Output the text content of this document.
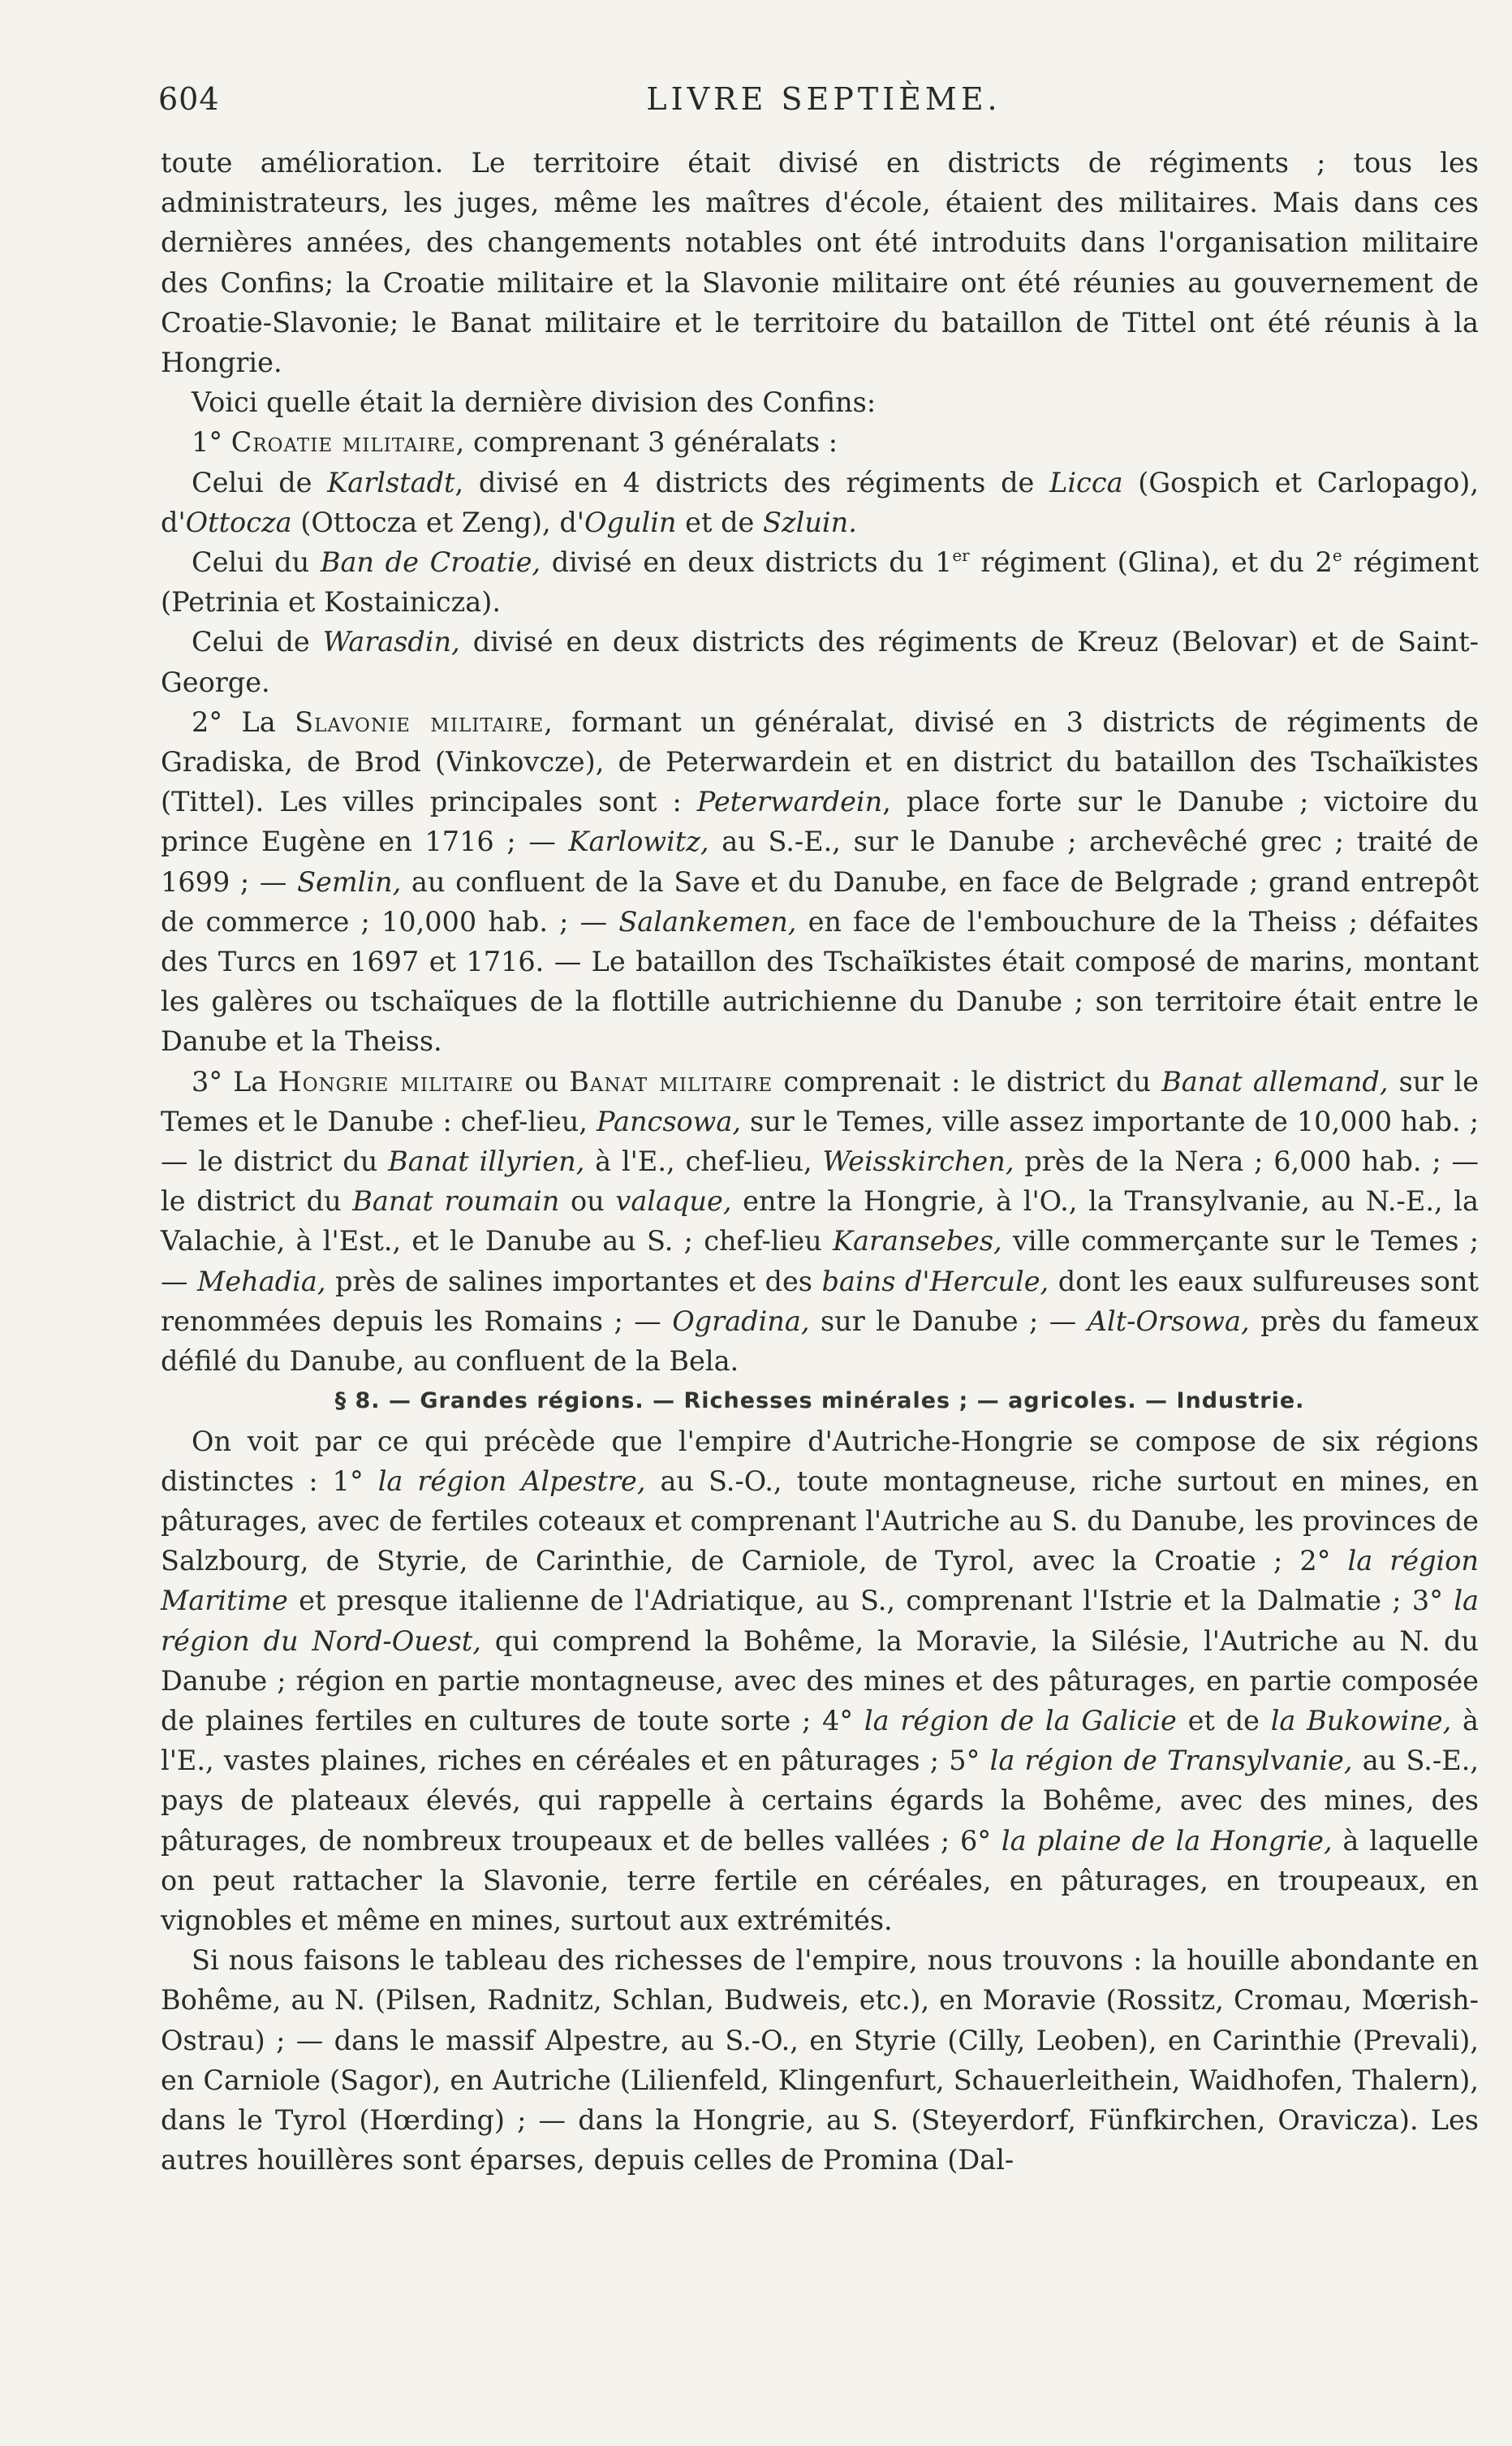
604	LIVRE SEPTIÈME.

toute amélioration. Le territoire était divisé en districts de régiments ; tous les administrateurs, les juges, même les maîtres d'école, étaient des militaires. Mais dans ces dernières années, des changements notables ont été introduits dans l'organisation militaire des Confins; la Croatie militaire et la Slavonie militaire ont été réunies au gouvernement de Croatie-Slavonie; le Banat militaire et le territoire du bataillon de Tittel ont été réunis à la Hongrie.

Voici quelle était la dernière division des Confins:

1° Croatie militaire, comprenant 3 généralats :

Celui de Karlstadt, divisé en 4 districts des régiments de Licca (Gospich et Carlopago), d'Ottocza (Ottocza et Zeng), d'Ogulin et de Szluin.

Celui du Ban de Croatie, divisé en deux districts du 1er régiment (Glina), et du 2e régiment (Petrinia et Kostainicza).

Celui de Warasdin, divisé en deux districts des régiments de Kreuz (Belovar) et de Saint-George.

2° La Slavonie militaire, formant un généralat, divisé en 3 districts de régiments de Gradiska, de Brod (Vinkovcze), de Peterwardein et en district du bataillon des Tschaïkistes (Tittel). Les villes principales sont : Peterwardein, place forte sur le Danube ; victoire du prince Eugène en 1716 ; — Karlowitz, au S.-E., sur le Danube ; archevêché grec ; traité de 1699 ; — Semlin, au confluent de la Save et du Danube, en face de Belgrade ; grand entrepôt de commerce ; 10,000 hab. ; — Salankemen, en face de l'embouchure de la Theiss ; défaites des Turcs en 1697 et 1716. — Le bataillon des Tschaïkistes était composé de marins, montant les galères ou tschaïques de la flottille autrichienne du Danube ; son territoire était entre le Danube et la Theiss.

3° La Hongrie militaire ou Banat militaire comprenait : le district du Banat allemand, sur le Temes et le Danube : chef-lieu, Pancsowa, sur le Temes, ville assez importante de 10,000 hab. ; — le district du Banat illyrien, à l'E., chef-lieu, Weisskirchen, près de la Nera ; 6,000 hab. ; — le district du Banat roumain ou valaque, entre la Hongrie, à l'O., la Transylvanie, au N.-E., la Valachie, à l'Est., et le Danube au S. ; chef-lieu Karansebes, ville commerçante sur le Temes ; — Mehadia, près de salines importantes et des bains d'Hercule, dont les eaux sulfureuses sont renommées depuis les Romains ; — Ogradina, sur le Danube ; — Alt-Orsowa, près du fameux défilé du Danube, au confluent de la Bela.

§ 8. — Grandes régions. — Richesses minérales ; — agricoles. — Industrie.

On voit par ce qui précède que l'empire d'Autriche-Hongrie se compose de six régions distinctes : 1° la région Alpestre, au S.-O., toute montagneuse, riche surtout en mines, en pâturages, avec de fertiles coteaux et comprenant l'Autriche au S. du Danube, les provinces de Salzbourg, de Styrie, de Carinthie, de Carniole, de Tyrol, avec la Croatie ; 2° la région Maritime et presque italienne de l'Adriatique, au S., comprenant l'Istrie et la Dalmatie ; 3° la région du Nord-Ouest, qui comprend la Bohême, la Moravie, la Silésie, l'Autriche au N. du Danube ; région en partie montagneuse, avec des mines et des pâturages, en partie composée de plaines fertiles en cultures de toute sorte ; 4° la région de la Galicie et de la Bukowine, à l'E., vastes plaines, riches en céréales et en pâturages ; 5° la région de Transylvanie, au S.-E., pays de plateaux élevés, qui rappelle à certains égards la Bohême, avec des mines, des pâturages, de nombreux troupeaux et de belles vallées ; 6° la plaine de la Hongrie, à laquelle on peut rattacher la Slavonie, terre fertile en céréales, en pâturages, en troupeaux, en vignobles et même en mines, surtout aux extrémités.

Si nous faisons le tableau des richesses de l'empire, nous trouvons : la houille abondante en Bohême, au N. (Pilsen, Radnitz, Schlan, Budweis, etc.), en Moravie (Rossitz, Cromau, Mœrish-Ostrau) ; — dans le massif Alpestre, au S.-O., en Styrie (Cilly, Leoben), en Carinthie (Prevali), en Carniole (Sagor), en Autriche (Lilienfeld, Klingenfurt, Schauerleithein, Waidhofen, Thalern), dans le Tyrol (Hœrding) ; — dans la Hongrie, au S. (Steyerdorf, Fünfkirchen, Oravicza). Les autres houillères sont éparses, depuis celles de Promina (Dal-
